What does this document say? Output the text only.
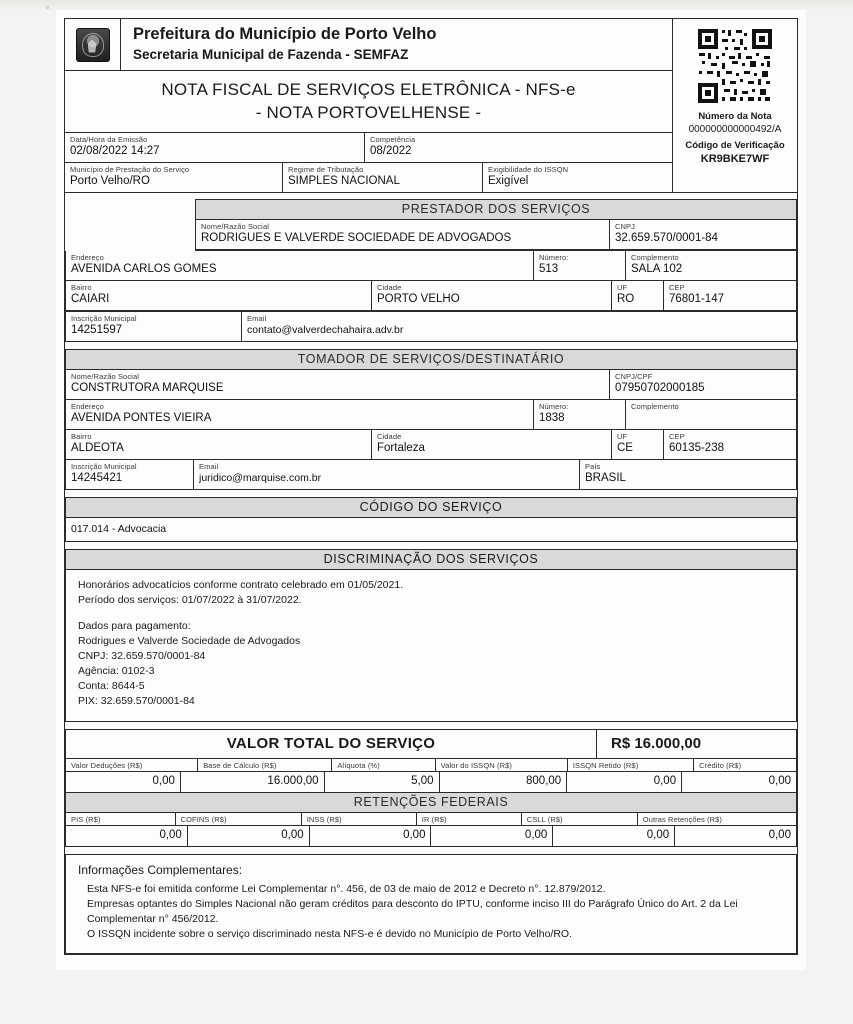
Prefeitura do Município de Porto Velho
Secretaria Municipal de Fazenda - SEMFAZ
NOTA FISCAL DE SERVIÇOS ELETRÔNICA - NFS-e
- NOTA PORTOVELHENSE -
Data/Hora da Emissão
02/08/2022 14:27
Competência
08/2022
Município de Prestação do Serviço
Porto Velho/RO
Regime de Tributação
SIMPLES NACIONAL
Exigibilidade do ISSQN
Exigível
Número da Nota
000000000000492/A
Código de Verificação
KR9BKE7WF
PRESTADOR DOS SERVIÇOS
Nome/Razão Social
RODRIGUES E VALVERDE SOCIEDADE DE ADVOGADOS
CNPJ
32.659.570/0001-84
Endereço
AVENIDA CARLOS GOMES
Número:
513
Complemento
SALA 102
Bairro
CAIARI
Cidade
PORTO VELHO
UF
RO
CEP
76801-147
Inscrição Municipal
14251597
Email
contato@valverdechahaira.adv.br
TOMADOR DE SERVIÇOS/DESTINATÁRIO
Nome/Razão Social
CONSTRUTORA MARQUISE
CNPJ/CPF
07950702000185
Endereço
AVENIDA PONTES VIEIRA
Número:
1838
Complemento
Bairro
ALDEOTA
Cidade
Fortaleza
UF
CE
CEP
60135-238
Inscrição Municipal
14245421
Email
juridico@marquise.com.br
País
BRASIL
CÓDIGO DO SERVIÇO
017.014 - Advocacia
DISCRIMINAÇÃO DOS SERVIÇOS

Honorários advocatícios conforme contrato celebrado em 01/05/2021.

Período dos serviços: 01/07/2022 à 31/07/2022.

Dados para pagamento:

Rodrigues e Valverde Sociedade de Advogados

CNPJ: 32.659.570/0001-84

Agência: 0102-3

Conta: 8644-5

PIX: 32.659.570/0001-84

VALOR TOTAL DO SERVIÇO	R$ 16.000,00
Valor Deduções (R$)	Base de Cálculo (R$)	Alíquota (%)	Valor do ISSQN (R$)	ISSQN Retido (R$)	Crédito (R$)
0,00	16.000,00	5,00	800,00	0,00	0,00
RETENÇÕES FEDERAIS
PIS (R$)	COFINS (R$)	INSS (R$)	IR (R$)	CSLL (R$)	Outras Retenções (R$)
0,00	0,00	0,00	0,00	0,00	0,00
Informações Complementares:

Esta NFS-e foi emitida conforme Lei Complementar n°. 456, de 03 de maio de 2012 e Decreto n°. 12.879/2012.

Empresas optantes do Simples Nacional não geram créditos para desconto do IPTU, conforme inciso III do Parágrafo Único do Art. 2 da Lei

Complementar n° 456/2012.

O ISSQN incidente sobre o serviço discriminado nesta NFS-e é devido no Município de Porto Velho/RO.
